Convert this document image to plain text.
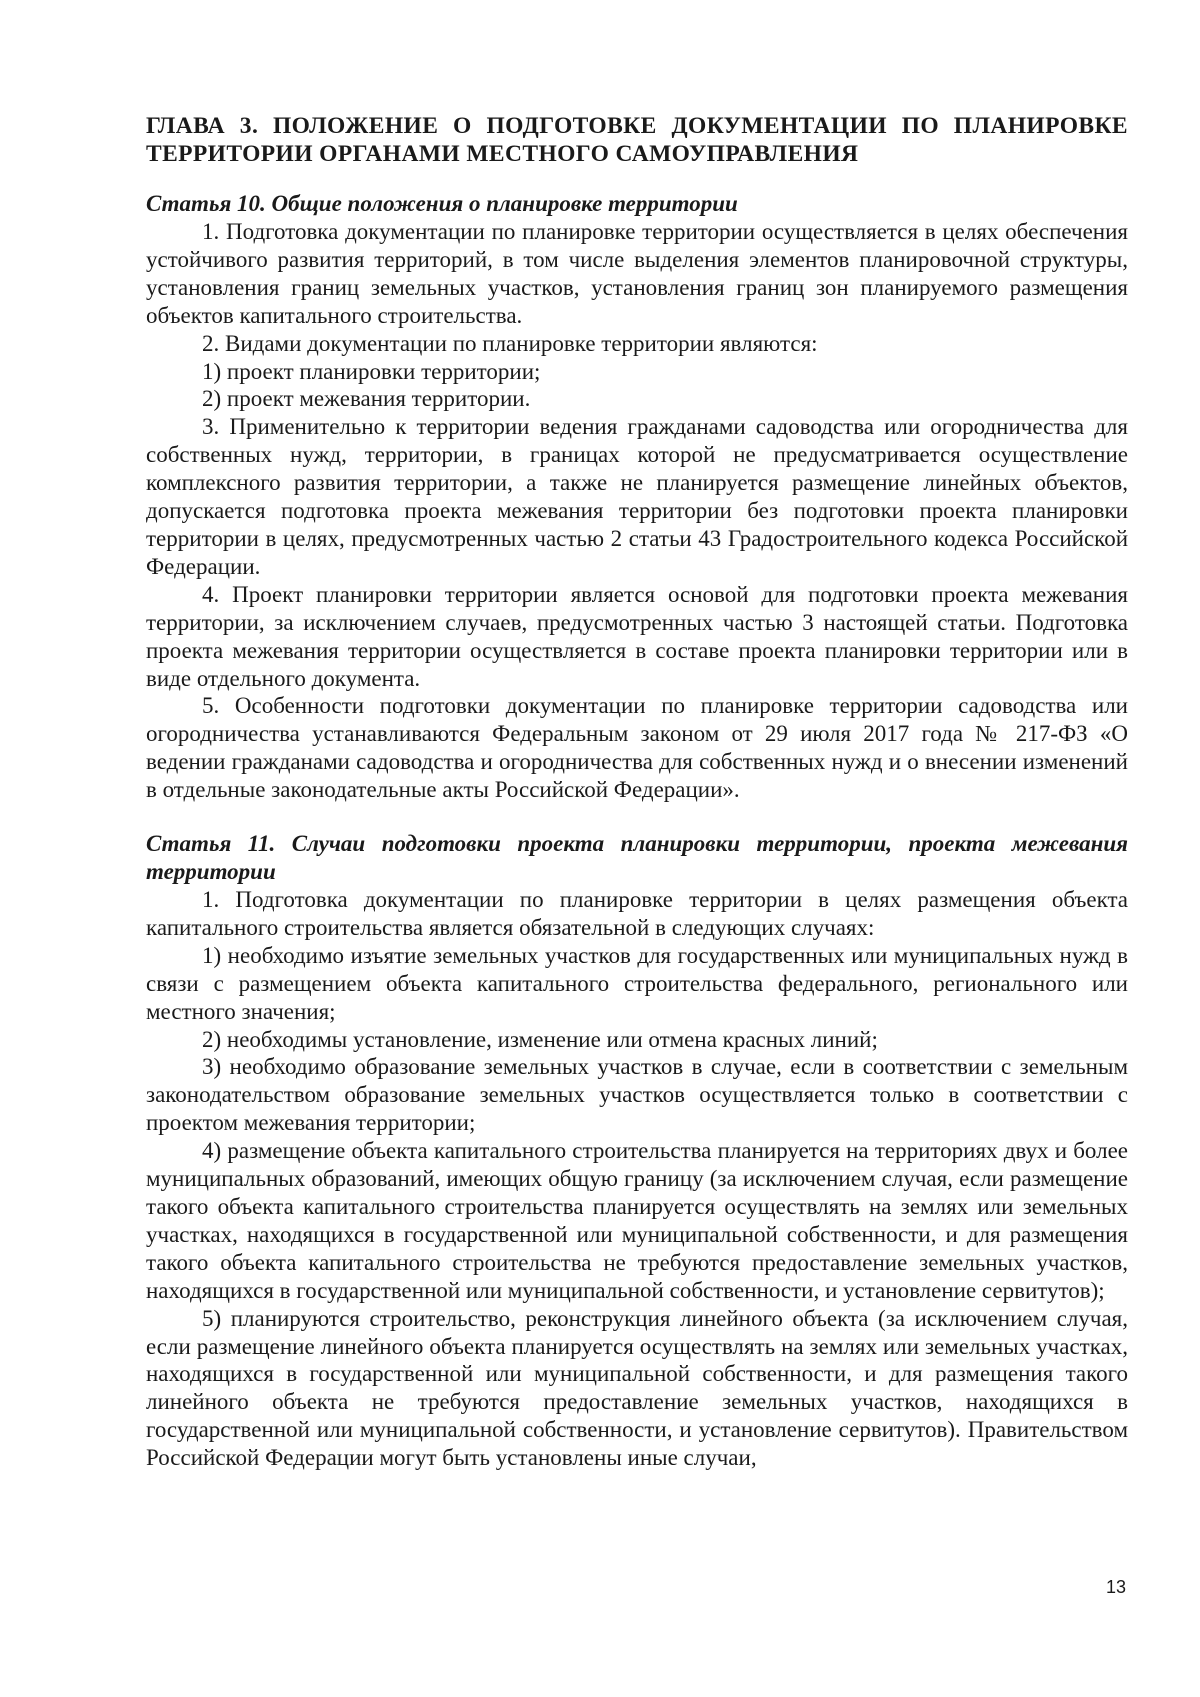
ГЛАВА 3. ПОЛОЖЕНИЕ О ПОДГОТОВКЕ ДОКУМЕНТАЦИИ ПО ПЛАНИРОВКЕ ТЕРРИТОРИИ ОРГАНАМИ МЕСТНОГО САМОУПРАВЛЕНИЯ
Статья 10. Общие положения о планировке территории

1. Подготовка документации по планировке территории осуществляется в целях обеспечения устойчивого развития территорий, в том числе выделения элементов планировочной структуры, установления границ земельных участков, установления границ зон планируемого размещения объектов капитального строительства.

2. Видами документации по планировке территории являются:

1) проект планировки территории;

2) проект межевания территории.

3. Применительно к территории ведения гражданами садоводства или огородничества для собственных нужд, территории, в границах которой не предусматривается осуществление комплексного развития территории, а также не планируется размещение линейных объектов, допускается подготовка проекта межевания территории без подготовки проекта планировки территории в целях, предусмотренных частью 2 статьи 43 Градостроительного кодекса Российской Федерации.

4. Проект планировки территории является основой для подготовки проекта межевания территории, за исключением случаев, предусмотренных частью 3 настоящей статьи. Подготовка проекта межевания территории осуществляется в составе проекта планировки территории или в виде отдельного документа.

5. Особенности подготовки документации по планировке территории садоводства или огородничества устанавливаются Федеральным законом от 29 июля 2017 года № 217-ФЗ «О ведении гражданами садоводства и огородничества для собственных нужд и о внесении изменений в отдельные законодательные акты Российской Федерации».

Статья 11. Случаи подготовки проекта планировки территории, проекта межевания территории

1. Подготовка документации по планировке территории в целях размещения объекта капитального строительства является обязательной в следующих случаях:

1) необходимо изъятие земельных участков для государственных или муниципальных нужд в связи с размещением объекта капитального строительства федерального, регионального или местного значения;

2) необходимы установление, изменение или отмена красных линий;

3) необходимо образование земельных участков в случае, если в соответствии с земельным законодательством образование земельных участков осуществляется только в соответствии с проектом межевания территории;

4) размещение объекта капитального строительства планируется на территориях двух и более муниципальных образований, имеющих общую границу (за исключением случая, если размещение такого объекта капитального строительства планируется осуществлять на землях или земельных участках, находящихся в государственной или муниципальной собственности, и для размещения такого объекта капитального строительства не требуются предоставление земельных участков, находящихся в государственной или муниципальной собственности, и установление сервитутов);

5) планируются строительство, реконструкция линейного объекта (за исключением случая, если размещение линейного объекта планируется осуществлять на землях или земельных участках, находящихся в государственной или муниципальной собственности, и для размещения такого линейного объекта не требуются предоставление земельных участков, находящихся в государственной или муниципальной собственности, и установление сервитутов). Правительством Российской Федерации могут быть установлены иные случаи,

13
